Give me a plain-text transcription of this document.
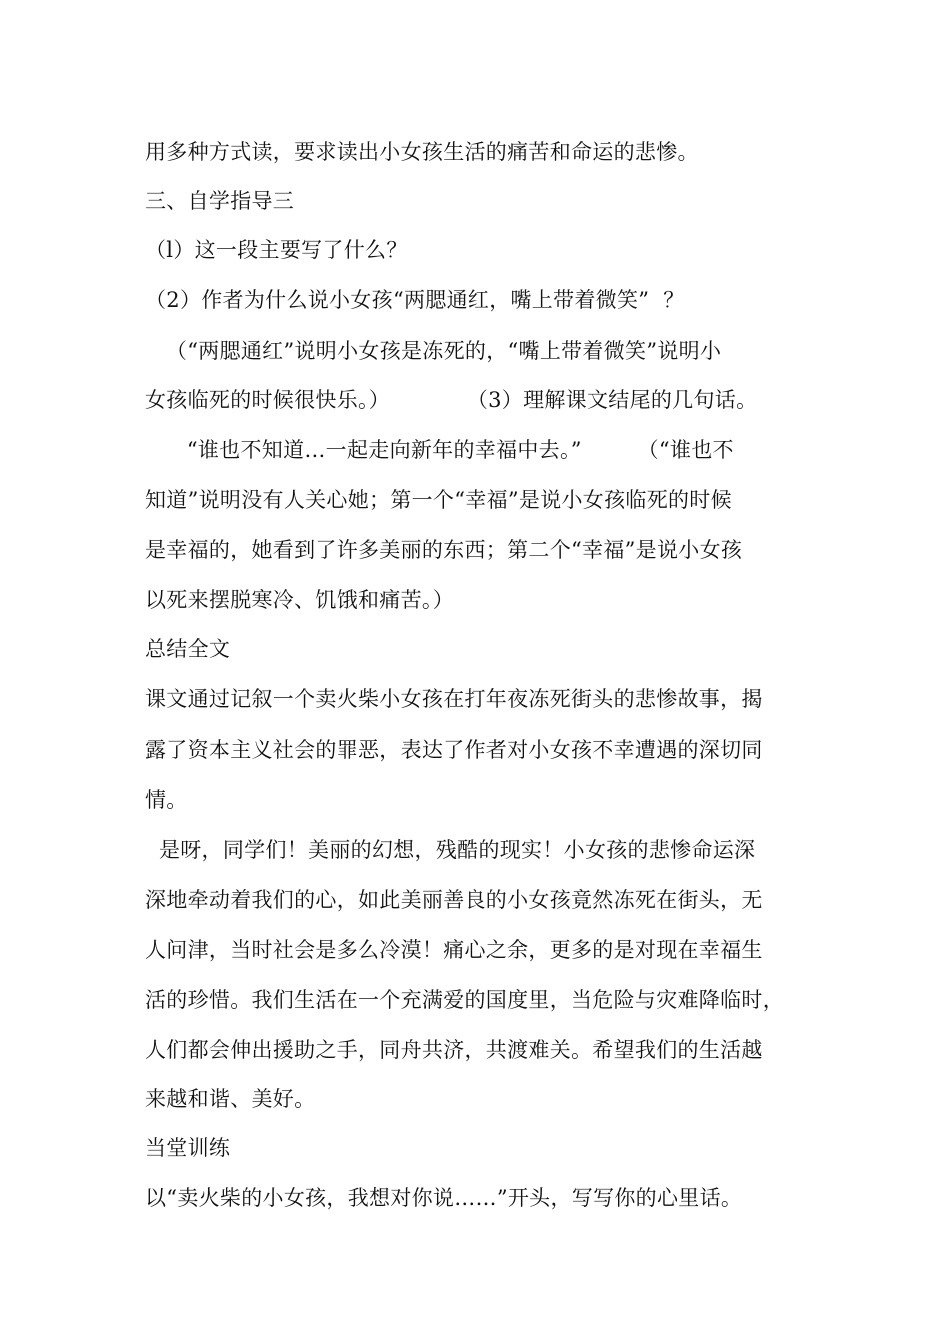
用多种方式读，要求读出小女孩生活的痛苦和命运的悲惨。
三、自学指导三
（l）这一段主要写了什么？
（2）作者为什么说小女孩“两腮通红，嘴上带着微笑”  ？
（“两腮通红”说明小女孩是冻死的，“嘴上带着微笑”说明小
女孩临死的时候很快乐。）           （3）理解课文结尾的几句话。
“谁也不知道…一起走向新年的幸福中去。”        （“谁也不
知道”说明没有人关心她；第一个“幸福”是说小女孩临死的时候
是幸福的，她看到了许多美丽的东西；第二个“幸福”是说小女孩
以死来摆脱寒冷、饥饿和痛苦。）
总结全文
课文通过记叙一个卖火柴小女孩在打年夜冻死街头的悲惨故事，揭
露了资本主义社会的罪恶，表达了作者对小女孩不幸遭遇的深切同
情。
是呀，同学们！美丽的幻想，残酷的现实！小女孩的悲惨命运深
深地牵动着我们的心，如此美丽善良的小女孩竟然冻死在街头，无
人问津，当时社会是多么冷漠！痛心之余，更多的是对现在幸福生
活的珍惜。我们生活在一个充满爱的国度里，当危险与灾难降临时，
人们都会伸出援助之手，同舟共济，共渡难关。希望我们的生活越
来越和谐、美好。
当堂训练
以“卖火柴的小女孩，我想对你说……”开头，写写你的心里话。
